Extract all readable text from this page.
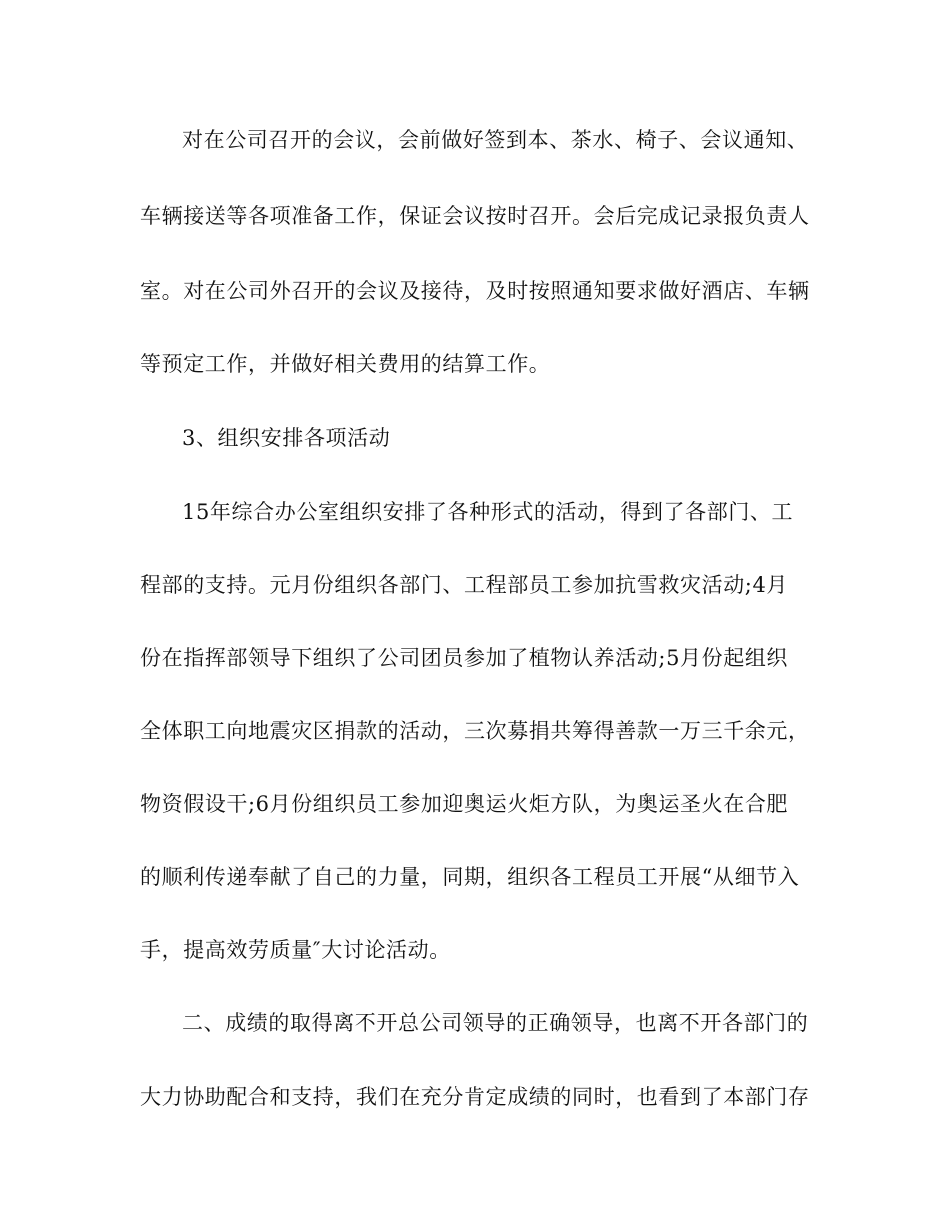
对在公司召开的会议，会前做好签到本、茶水、椅子、会议通知、
车辆接送等各项准备工作，保证会议按时召开。会后完成记录报负责人
室。对在公司外召开的会议及接待，及时按照通知要求做好酒店、车辆
等预定工作，并做好相关费用的结算工作。
3、组织安排各项活动
15年综合办公室组织安排了各种形式的活动，得到了各部门、工
程部的支持。元月份组织各部门、工程部员工参加抗雪救灾活动;4月
份在指挥部领导下组织了公司团员参加了植物认养活动;5月份起组织
全体职工向地震灾区捐款的活动，三次募捐共筹得善款一万三千余元，
物资假设干;6月份组织员工参加迎奥运火炬方队，为奥运圣火在合肥
的顺利传递奉献了自己的力量，同期，组织各工程员工开展“从细节入
手，提高效劳质量″大讨论活动。
二、成绩的取得离不开总公司领导的正确领导，也离不开各部门的
大力协助配合和支持，我们在充分肯定成绩的同时，也看到了本部门存
